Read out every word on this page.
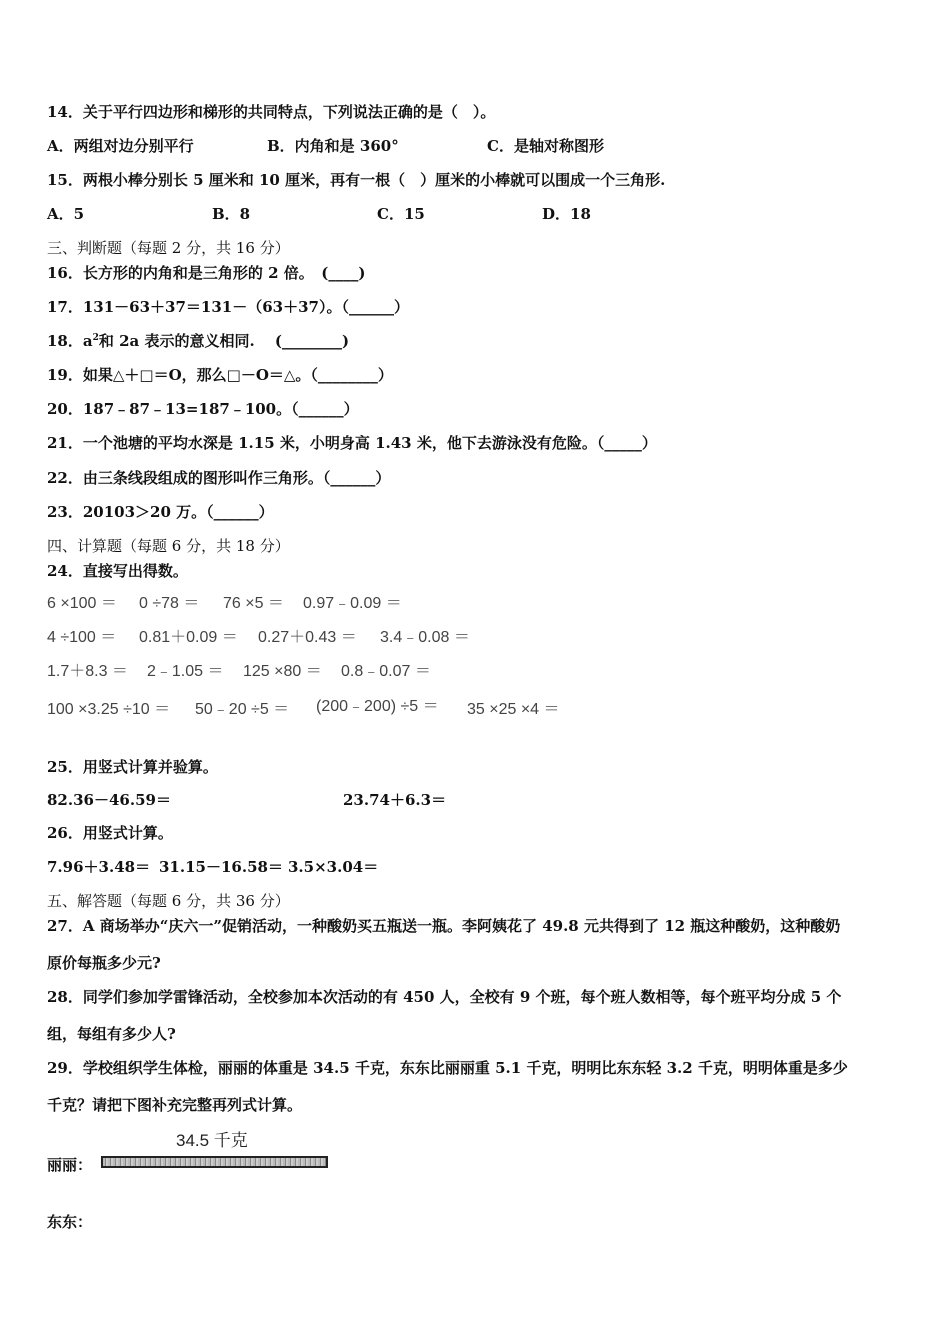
14．关于平行四边形和梯形的共同特点，下列说法正确的是（　）。
A．两组对边分别平行	B．内角和是 360°	C．是轴对称图形
15．两根小棒分别长 5 厘米和 10 厘米，再有一根（　）厘米的小棒就可以围成一个三角形.
A．5	B．8	C．15	D．18
三、判断题（每题 2 分，共 16 分）
16．长方形的内角和是三角形的 2 倍。　(____)
17．131－63＋37＝131－（63＋37）。（______）
18．$a^2$和 2a 表示的意义相同.　 (________)
19．如果△＋□＝O，那么□－O＝△。（________）
20．187﹣87﹣13=187﹣100。（______）
21．一个池塘的平均水深是 1.15 米，小明身高 1.43 米，他下去游泳没有危险。（_____）
22．由三条线段组成的图形叫作三角形。（______）
23．20103＞20 万。（______）
四、计算题（每题 6 分，共 18 分）
24．直接写出得数。
6 ×100 ＝ 0 ÷78 ＝ 76 ×5 ＝ 0.97﹣0.09 ＝
4 ÷100 ＝ 0.81＋0.09 ＝ 0.27＋0.43 ＝ 3.4﹣0.08 ＝
1.7＋8.3 ＝ 2﹣1.05 ＝ 125 ×80 ＝ 0.8﹣0.07 ＝
100 ×3.25 ÷10 ＝ 50﹣20 ÷5 ＝ (200﹣200) ÷5 ＝ 35 ×25 ×4 ＝
25．用竖式计算并验算。
82.36－46.59＝	23.74＋6.3＝
26．用竖式计算。
7.96＋3.48＝ 31.15－16.58＝ 3.5×3.04＝
五、解答题（每题 6 分，共 36 分）
27．A 商场举办“庆六一”促销活动，一种酸奶买五瓶送一瓶。李阿姨花了 49.8 元共得到了 12 瓶这种酸奶，这种酸奶
原价每瓶多少元?
28．同学们参加学雷锋活动，全校参加本次活动的有 450 人，全校有 9 个班，每个班人数相等，每个班平均分成 5 个
组，每组有多少人?
29．学校组织学生体检，丽丽的体重是 34.5 千克，东东比丽丽重 5.1 千克，明明比东东轻 3.2 千克，明明体重是多少
千克？请把下图补充完整再列式计算。
34.5 千克
丽丽：
东东：
